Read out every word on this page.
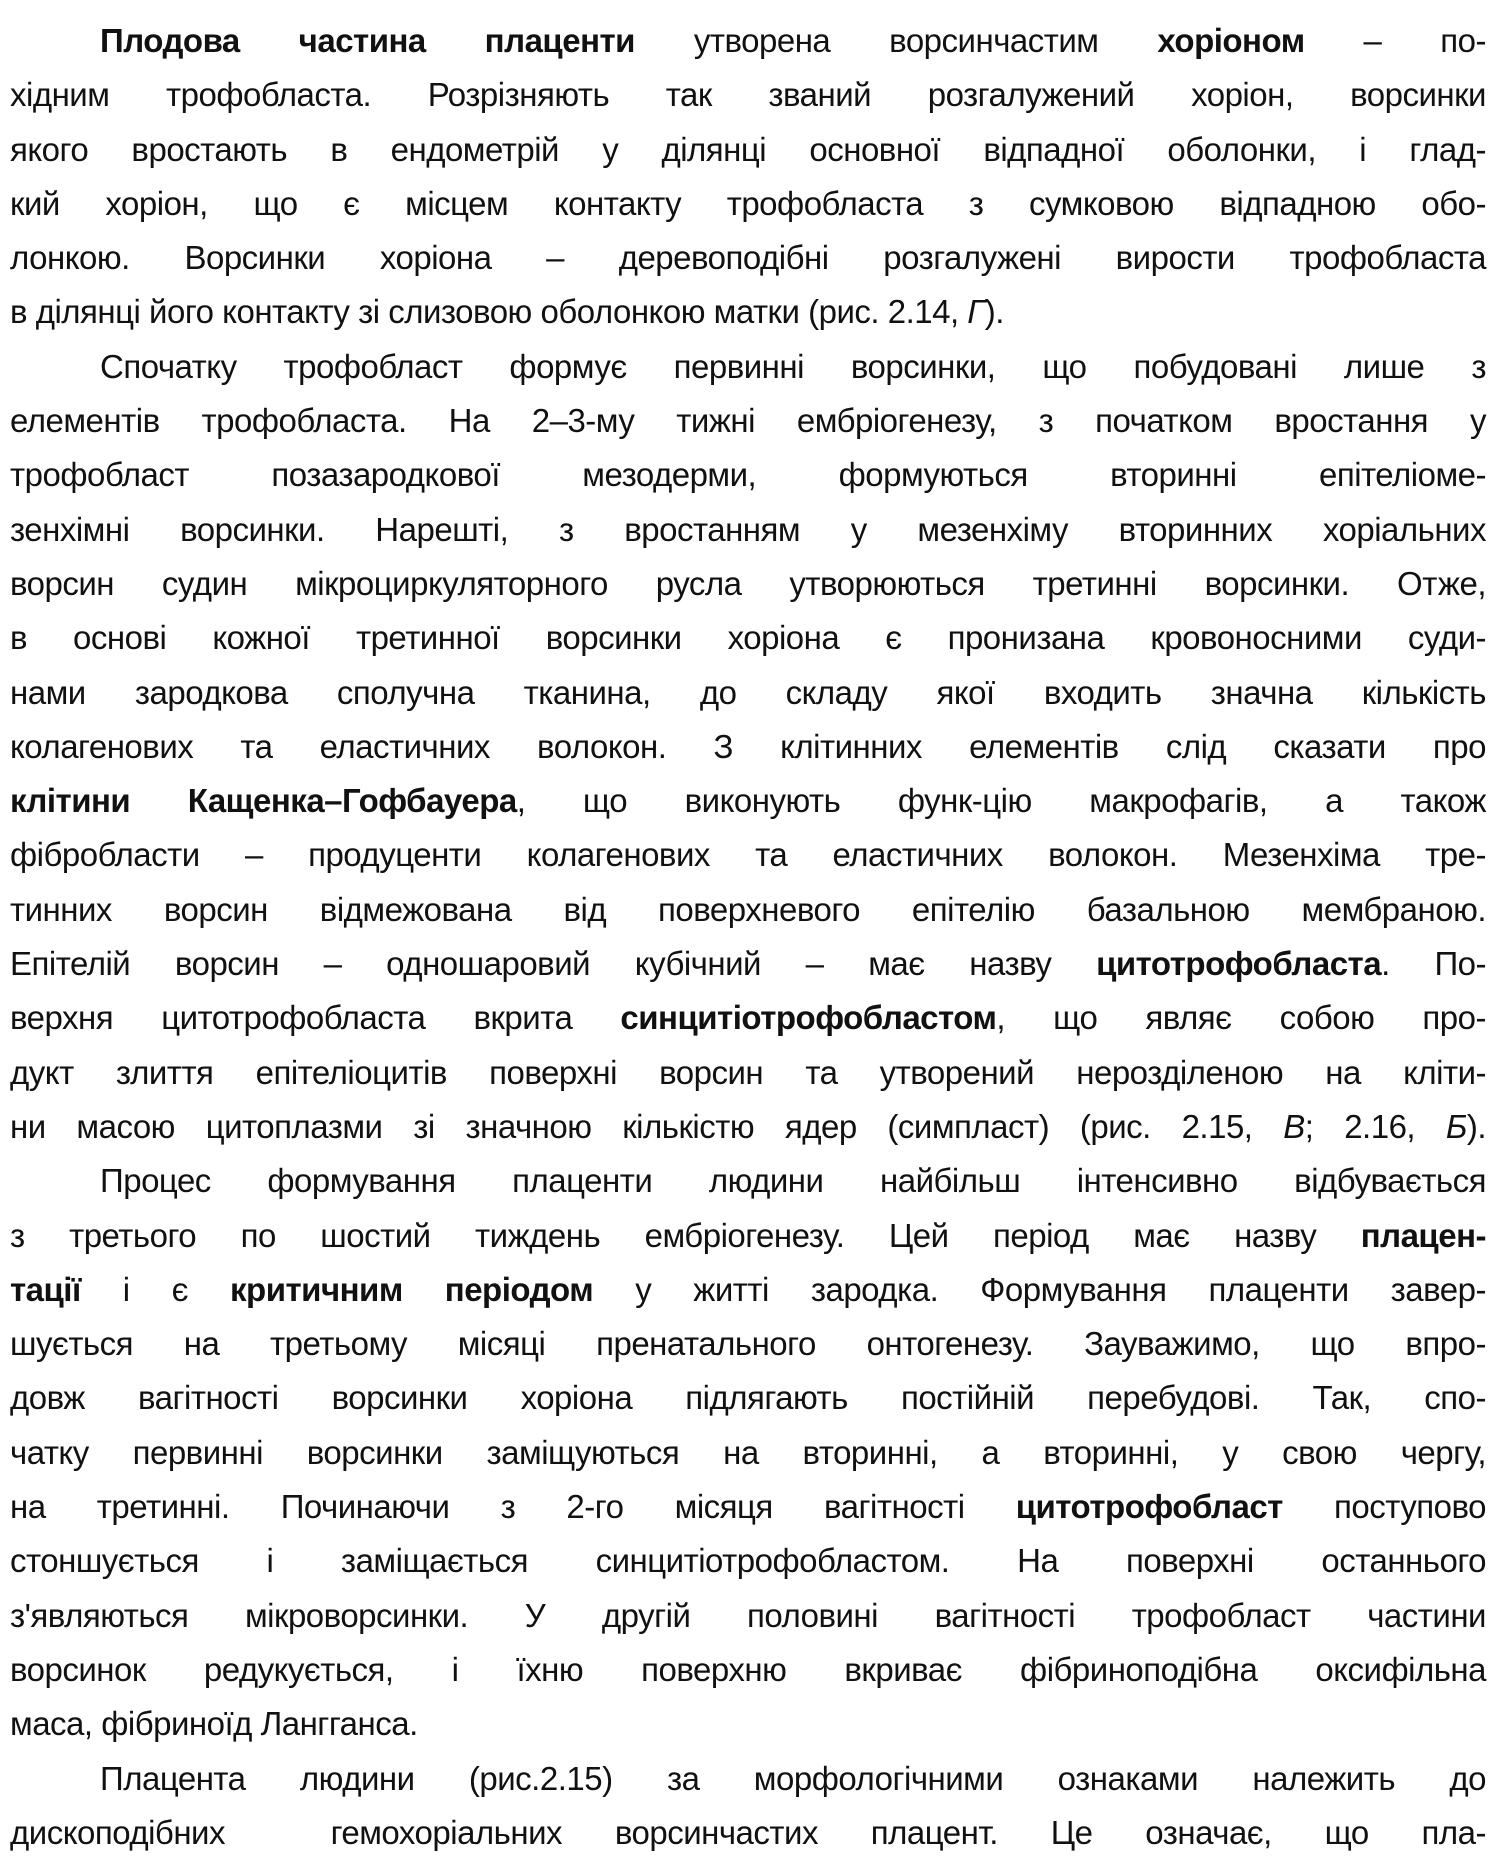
Плодова частина плаценти утворена ворсинчастим хоріоном – по-
хідним трофобласта. Розрізняють так званий розгалужений хоріон, ворсинки
якого вростають в ендометрій у ділянці основної відпадної оболонки, і глад-
кий хоріон, що є місцем контакту трофобласта з сумковою відпадною обо-
лонкою. Ворсинки хоріона – деревоподібні розгалужені вирости трофобласта
в ділянці його контакту зі слизовою оболонкою матки (рис. 2.14, Г).
Спочатку трофобласт формує первинні ворсинки, що побудовані лише з
елементів трофобласта. На 2–3-му тижні ембріогенезу, з початком вростання у
трофобласт позазародкової мезодерми, формуються вторинні епітеліоме-
зенхімні ворсинки. Нарешті, з вростанням у мезенхіму вторинних хоріальних
ворсин судин мікроциркуляторного русла утворюються третинні ворсинки. Отже,
в основі кожної третинної ворсинки хоріона є пронизана кровоносними суди-
нами зародкова сполучна тканина, до складу якої входить значна кількість
колагенових та еластичних волокон. З клітинних елементів слід сказати про
клітини Кащенка–Гофбауера, що виконують функ-цію макрофагів, а також
фібробласти – продуценти колагенових та еластичних волокон. Мезенхіма тре-
тинних ворсин відмежована від поверхневого епітелію базальною мембраною.
Епітелій ворсин – одношаровий кубічний – має назву цитотрофобласта. По-
верхня цитотрофобласта вкрита синцитіотрофобластом, що являє собою про-
дукт злиття епітеліоцитів поверхні ворсин та утворений нерозділеною на кліти-
ни масою цитоплазми зі значною кількістю ядер (симпласт) (рис. 2.15, В; 2.16, Б).
Процес формування плаценти людини найбільш інтенсивно відбувається
з третього по шостий тиждень ембріогенезу. Цей період має назву плацен-
тації і є критичним періодом у житті зародка. Формування плаценти завер-
шується на третьому місяці пренатального онтогенезу. Зауважимо, що впро-
довж вагітності ворсинки хоріона підлягають постійній перебудові. Так, спо-
чатку первинні ворсинки заміщуються на вторинні, а вторинні, у свою чергу,
на третинні. Починаючи з 2-го місяця вагітності цитотрофобласт поступово
стоншується і заміщається синцитіотрофобластом. На поверхні останнього
з'являються мікроворсинки. У другій половині вагітності трофобласт частини
ворсинок редукується, і їхню поверхню вкриває фібриноподібна оксифільна
маса, фібриноїд Лангганса.
Плацента людини (рис.2.15) за морфологічними ознаками належить до
дископодібних  гемохоріальних ворсинчастих плацент. Це означає, що пла-
